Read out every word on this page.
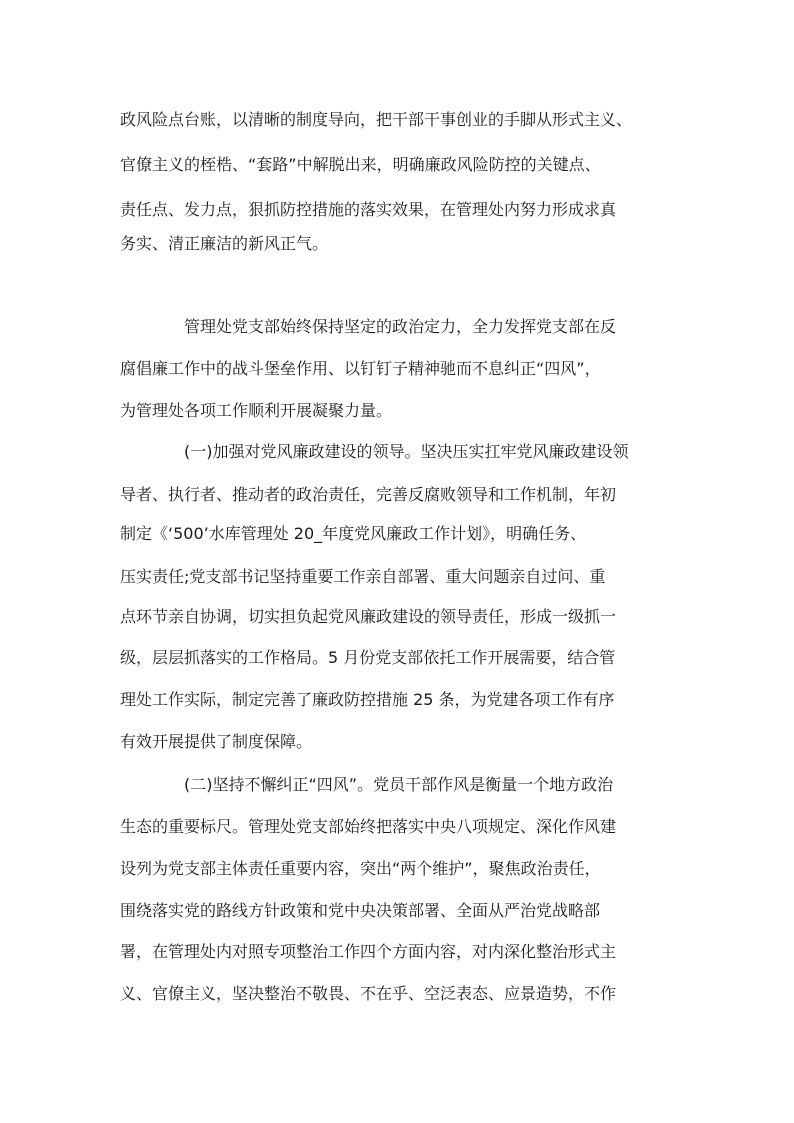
政风险点台账，以清晰的制度导向，把干部干事创业的手脚从形式主义、
官僚主义的桎梏、“套路”中解脱出来，明确廉政风险防控的关键点、
责任点、发力点，狠抓防控措施的落实效果，在管理处内努力形成求真
务实、清正廉洁的新风正气。
管理处党支部始终保持坚定的政治定力，全力发挥党支部在反
腐倡廉工作中的战斗堡垒作用、以钉钉子精神驰而不息纠正“四风”，
为管理处各项工作顺利开展凝聚力量。
(一)加强对党风廉政建设的领导。坚决压实扛牢党风廉政建设领
导者、执行者、推动者的政治责任，完善反腐败领导和工作机制，年初
制定《‘500’水库管理处 20_年度党风廉政工作计划》，明确任务、
压实责任;党支部书记坚持重要工作亲自部署、重大问题亲自过问、重
点环节亲自协调，切实担负起党风廉政建设的领导责任，形成一级抓一
级，层层抓落实的工作格局。5 月份党支部依托工作开展需要，结合管
理处工作实际，制定完善了廉政防控措施 25 条，为党建各项工作有序
有效开展提供了制度保障。
(二)坚持不懈纠正“四风”。党员干部作风是衡量一个地方政治
生态的重要标尺。管理处党支部始终把落实中央八项规定、深化作风建
设列为党支部主体责任重要内容，突出“两个维护”，聚焦政治责任，
围绕落实党的路线方针政策和党中央决策部署、全面从严治党战略部
署，在管理处内对照专项整治工作四个方面内容，对内深化整治形式主
义、官僚主义，坚决整治不敬畏、不在乎、空泛表态、应景造势，不作
